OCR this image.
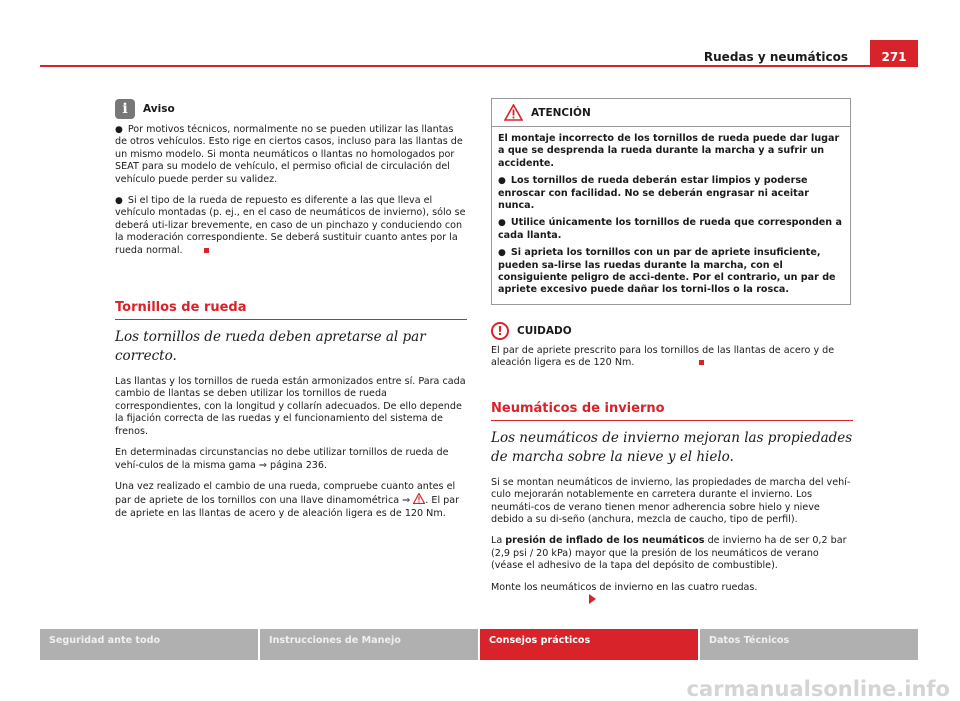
Ruedas y neumáticos	271
i	Aviso
● Por motivos técnicos, normalmente no se pueden utilizar las llantas de otros vehículos. Esto rige en ciertos casos, incluso para las llantas de un mismo modelo. Si monta neumáticos o llantas no homologados por SEAT para su modelo de vehículo, el permiso oficial de circulación del vehículo puede perder su validez.
● Si el tipo de la rueda de repuesto es diferente a las que lleva el vehículo montadas (p. ej., en el caso de neumáticos de invierno), sólo se deberá uti-lizar brevemente, en caso de un pinchazo y conduciendo con la moderación correspondiente. Se deberá sustituir cuanto antes por la rueda normal.
Tornillos de rueda
Los tornillos de rueda deben apretarse al par correcto.

Las llantas y los tornillos de rueda están armonizados entre sí. Para cada cambio de llantas se deben utilizar los tornillos de rueda correspondientes, con la longitud y collarín adecuados. De ello depende la fijación correcta de las ruedas y el funcionamiento del sistema de frenos.

En determinadas circunstancias no debe utilizar tornillos de rueda de vehí-culos de la misma gama ⇒ página 236.

Una vez realizado el cambio de una rueda, compruebe cuanto antes el par de apriete de los tornillos con una llave dinamométrica ⇒ . El par de apriete en las llantas de acero y de aleación ligera es de 120 Nm.

ATENCIÓN

El montaje incorrecto de los tornillos de rueda puede dar lugar a que se desprenda la rueda durante la marcha y a sufrir un accidente.

● Los tornillos de rueda deberán estar limpios y poderse enroscar con facilidad. No se deberán engrasar ni aceitar nunca.
● Utilice únicamente los tornillos de rueda que corresponden a cada llanta.
● Si aprieta los tornillos con un par de apriete insuficiente, pueden sa-lirse las ruedas durante la marcha, con el consiguiente peligro de acci-dente. Por el contrario, un par de apriete excesivo puede dañar los torni-llos o la rosca.
!	CUIDADO

El par de apriete prescrito para los tornillos de las llantas de acero y de aleación ligera es de 120 Nm.

Neumáticos de invierno
Los neumáticos de invierno mejoran las propiedades de marcha sobre la nieve y el hielo.

Si se montan neumáticos de invierno, las propiedades de marcha del vehí-culo mejorarán notablemente en carretera durante el invierno. Los neumáti-cos de verano tienen menor adherencia sobre hielo y nieve debido a su di-seño (anchura, mezcla de caucho, tipo de perfil).

La presión de inflado de los neumáticos de invierno ha de ser 0,2 bar (2,9 psi / 20 kPa) mayor que la presión de los neumáticos de verano (véase el adhesivo de la tapa del depósito de combustible).

Monte los neumáticos de invierno en las cuatro ruedas.

Seguridad ante todo	Instrucciones de Manejo	Consejos prácticos	Datos Técnicos
carmanualsonline.info
